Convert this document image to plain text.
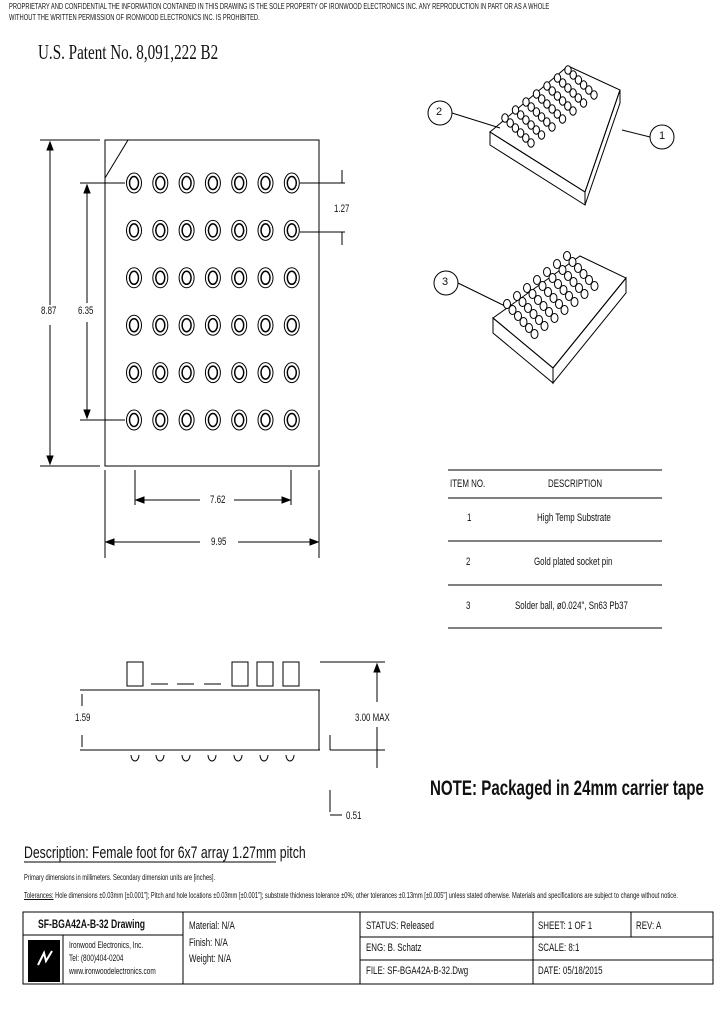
PROPRIETARY AND CONFIDENTIAL THE INFORMATION CONTAINED IN THIS DRAWING IS THE SOLE PROPERTY OF IRONWOOD ELECTRONICS INC. ANY REPRODUCTION IN PART OR AS A WHOLE
WITHOUT THE WRITTEN PERMISSION OF IRONWOOD ELECTRONICS INC. IS PROHIBITED.
U.S. Patent No. 8,091,222 B2
8.87 6.35
1.27
7.62
9.95
1.59	3.00 MAX
0.51
2
1
3
ITEM NO.	DESCRIPTION
1	High Temp Substrate
2	Gold plated socket pin
3	Solder ball, ø0.024", Sn63 Pb37
NOTE: Packaged in 24mm carrier tape
Description: Female foot for 6x7 array 1.27mm pitch
Primary dimensions in millimeters. Secondary dimension units are [inches].
Tolerances: Hole dimensions ±0.03mm [±0.001"]; Pitch and hole locations ±0.03mm [±0.001"]; substrate thickness tolerance ±0%; other tolerances ±0.13mm [±0.005"] unless stated otherwise. Materials and specifications are subject to change without notice.
SF-BGA42A-B-32 Drawing
Ironwood Electronics, Inc.
Tel: (800)404-0204
www.ironwoodelectronics.com
Material: N/A
Finish: N/A
Weight: N/A
STATUS: Released
ENG: B. Schatz
FILE: SF-BGA42A-B-32.Dwg
SHEET: 1 OF 1
SCALE: 8:1
DATE: 05/18/2015
REV: A
